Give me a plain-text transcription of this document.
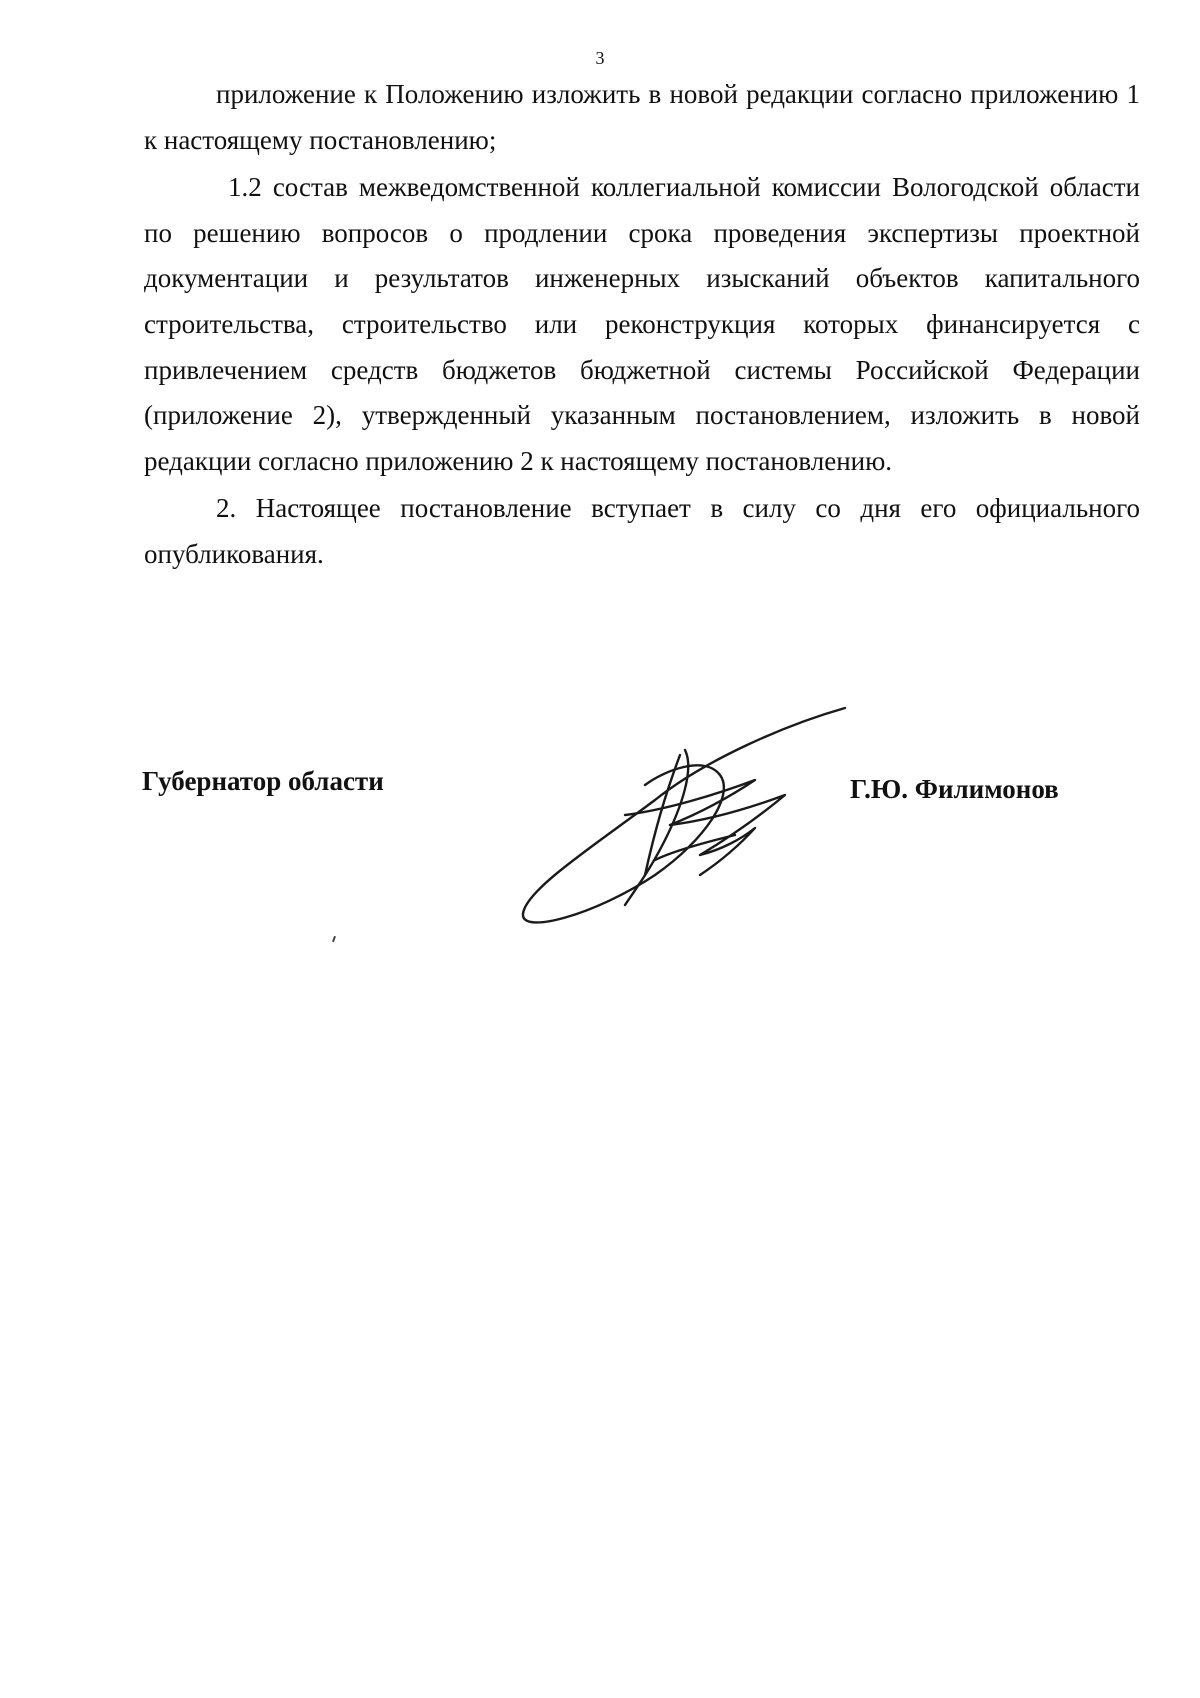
3

приложение к Положению изложить в новой редакции согласно приложению 1 к настоящему постановлению;

1.2 состав межведомственной коллегиальной комиссии Вологодской области по решению вопросов о продлении срока проведения экспертизы проектной документации и результатов инженерных изысканий объектов капитального строительства, строительство или реконструкция которых финансируется с привлечением средств бюджетов бюджетной системы Российской Федерации (приложение 2), утвержденный указанным постановлением, изложить в новой редакции согласно приложению 2 к настоящему постановлению.

2. Настоящее постановление вступает в силу со дня его официального опубликования.

Губернатор области	Г.Ю. Филимонов
